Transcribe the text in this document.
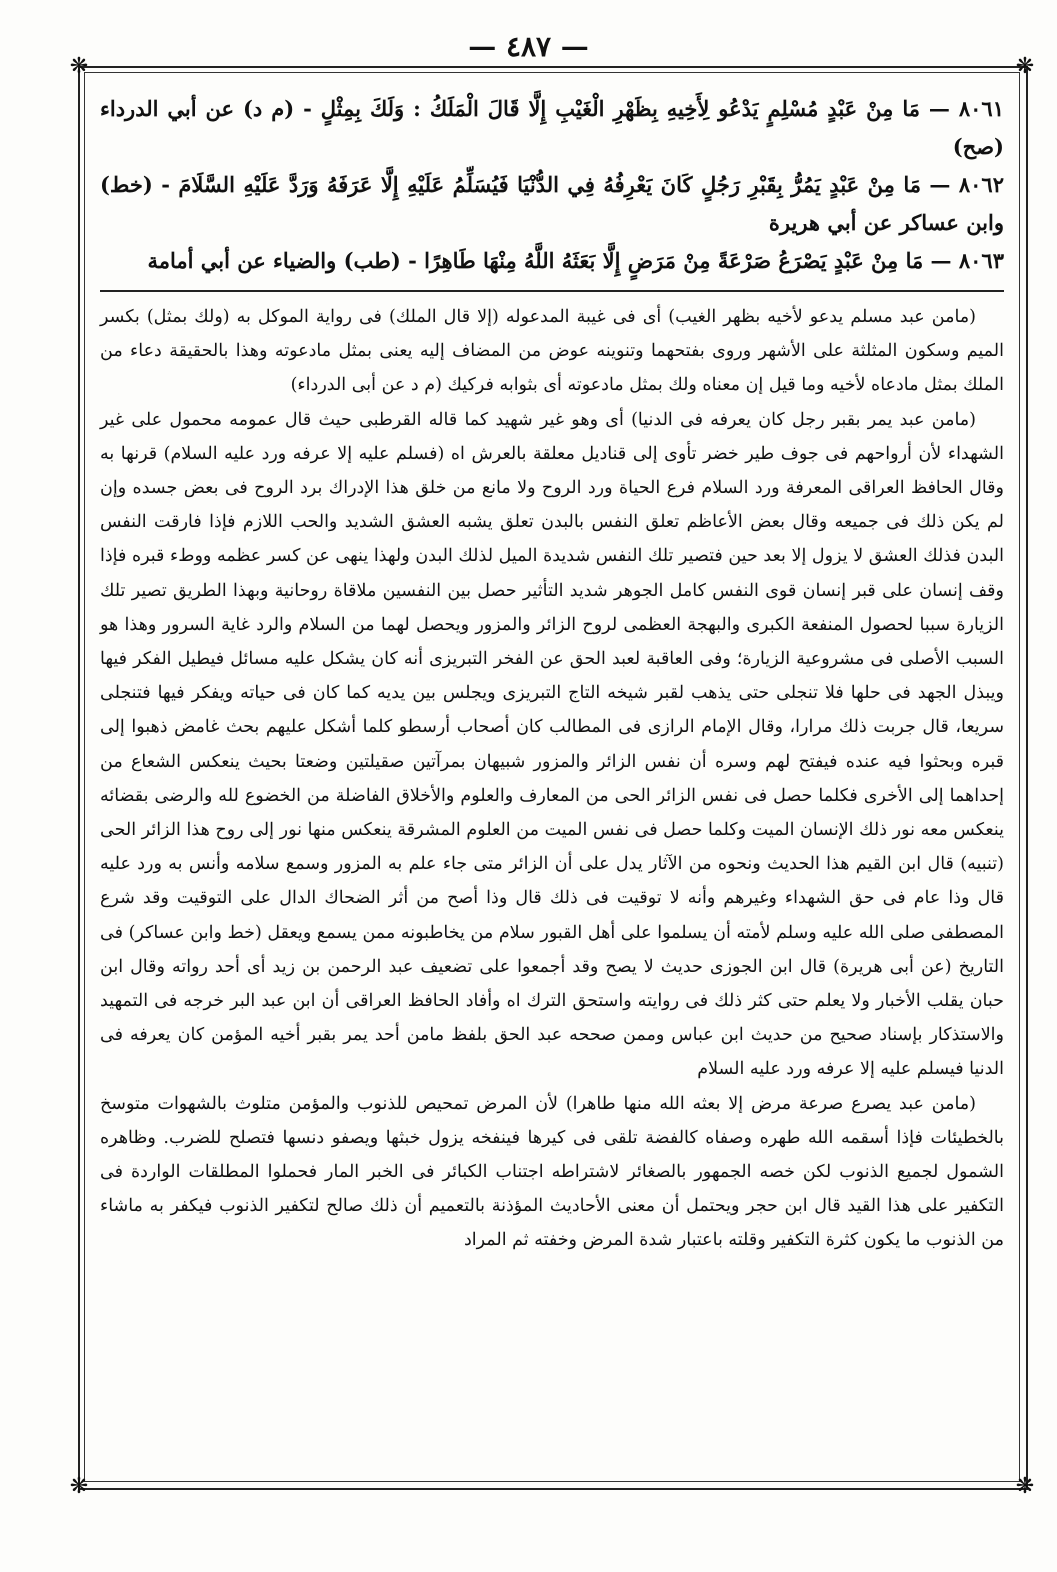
— ٤٨٧ —
❋	❋
❋	❋

٨٠٦١ — مَا مِنْ عَبْدٍ مُسْلِمٍ يَدْعُو لِأَخِيهِ بِظَهْرِ الْغَيْبِ إِلَّا قَالَ الْمَلَكُ : وَلَكَ بِمِثْلٍ - (م د) عن أبي الدرداء (صح)

٨٠٦٢ — مَا مِنْ عَبْدٍ يَمُرُّ بِقَبْرِ رَجُلٍ كَانَ يَعْرِفُهُ فِي الدُّنْيَا فَيُسَلِّمُ عَلَيْهِ إِلَّا عَرَفَهُ وَرَدَّ عَلَيْهِ السَّلَامَ - (خط) وابن عساكر عن أبي هريرة

٨٠٦٣ — مَا مِنْ عَبْدٍ يَصْرَعُ صَرْعَةً مِنْ مَرَضٍ إِلَّا بَعَثَهُ اللَّهُ مِنْهَا طَاهِرًا - (طب) والضياء عن أبي أمامة

(مامن عبد مسلم يدعو لأخيه بظهر الغيب) أى فى غيبة المدعوله (إلا قال الملك) فى رواية الموكل به (ولك بمثل) بكسر الميم وسكون المثلثة على الأشهر وروى بفتحهما وتنوينه عوض من المضاف إليه يعنى بمثل مادعوته وهذا بالحقيقة دعاء من الملك بمثل مادعاه لأخيه وما قيل إن معناه ولك بمثل مادعوته أى بثوابه فركيك (م د عن أبى الدرداء)

(مامن عبد يمر بقبر رجل كان يعرفه فى الدنيا) أى وهو غير شهيد كما قاله القرطبى حيث قال عمومه محمول على غير الشهداء لأن أرواحهم فى جوف طير خضر تأوى إلى قناديل معلقة بالعرش اه (فسلم عليه إلا عرفه ورد عليه السلام) قرنها به وقال الحافظ العراقى المعرفة ورد السلام فرع الحياة ورد الروح ولا مانع من خلق هذا الإدراك برد الروح فى بعض جسده وإن لم يكن ذلك فى جميعه وقال بعض الأعاظم تعلق النفس بالبدن تعلق يشبه العشق الشديد والحب اللازم فإذا فارقت النفس البدن فذلك العشق لا يزول إلا بعد حين فتصير تلك النفس شديدة الميل لذلك البدن ولهذا ينهى عن كسر عظمه ووطء قبره فإذا وقف إنسان على قبر إنسان قوى النفس كامل الجوهر شديد التأثير حصل بين النفسين ملاقاة روحانية وبهذا الطريق تصير تلك الزيارة سببا لحصول المنفعة الكبرى والبهجة العظمى لروح الزائر والمزور ويحصل لهما من السلام والرد غاية السرور وهذا هو السبب الأصلى فى مشروعية الزيارة؛ وفى العاقبة لعبد الحق عن الفخر التبريزى أنه كان يشكل عليه مسائل فيطيل الفكر فيها ويبذل الجهد فى حلها فلا تنجلى حتى يذهب لقبر شيخه التاج التبريزى ويجلس بين يديه كما كان فى حياته ويفكر فيها فتنجلى سريعا، قال جربت ذلك مرارا، وقال الإمام الرازى فى المطالب كان أصحاب أرسطو كلما أشكل عليهم بحث غامض ذهبوا إلى قبره وبحثوا فيه عنده فيفتح لهم وسره أن نفس الزائر والمزور شبيهان بمرآتين صقيلتين وضعتا بحيث ينعكس الشعاع من إحداهما إلى الأخرى فكلما حصل فى نفس الزائر الحى من المعارف والعلوم والأخلاق الفاضلة من الخضوع لله والرضى بقضائه ينعكس معه نور ذلك الإنسان الميت وكلما حصل فى نفس الميت من العلوم المشرقة ينعكس منها نور إلى روح هذا الزائر الحى (تنبيه) قال ابن القيم هذا الحديث ونحوه من الآثار يدل على أن الزائر متى جاء علم به المزور وسمع سلامه وأنس به ورد عليه قال وذا عام فى حق الشهداء وغيرهم وأنه لا توقيت فى ذلك قال وذا أصح من أثر الضحاك الدال على التوقيت وقد شرع المصطفى صلى الله عليه وسلم لأمته أن يسلموا على أهل القبور سلام من يخاطبونه ممن يسمع ويعقل (خط وابن عساكر) فى التاريخ (عن أبى هريرة) قال ابن الجوزى حديث لا يصح وقد أجمعوا على تضعيف عبد الرحمن بن زيد أى أحد رواته وقال ابن حبان يقلب الأخبار ولا يعلم حتى كثر ذلك فى روايته واستحق الترك اه وأفاد الحافظ العراقى أن ابن عبد البر خرجه فى التمهيد والاستذكار بإسناد صحيح من حديث ابن عباس وممن صححه عبد الحق بلفظ مامن أحد يمر بقبر أخيه المؤمن كان يعرفه فى الدنيا فيسلم عليه إلا عرفه ورد عليه السلام

(مامن عبد يصرع صرعة مرض إلا بعثه الله منها طاهرا) لأن المرض تمحيص للذنوب والمؤمن متلوث بالشهوات متوسخ بالخطيئات فإذا أسقمه الله طهره وصفاه كالفضة تلقى فى كيرها فينفخه يزول خبثها ويصفو دنسها فتصلح للضرب. وظاهره الشمول لجميع الذنوب لكن خصه الجمهور بالصغائر لاشتراطه اجتناب الكبائر فى الخبر المار فحملوا المطلقات الواردة فى التكفير على هذا القيد قال ابن حجر ويحتمل أن معنى الأحاديث المؤذنة بالتعميم أن ذلك صالح لتكفير الذنوب فيكفر به ماشاء من الذنوب ما يكون كثرة التكفير وقلته باعتبار شدة المرض وخفته ثم المراد
